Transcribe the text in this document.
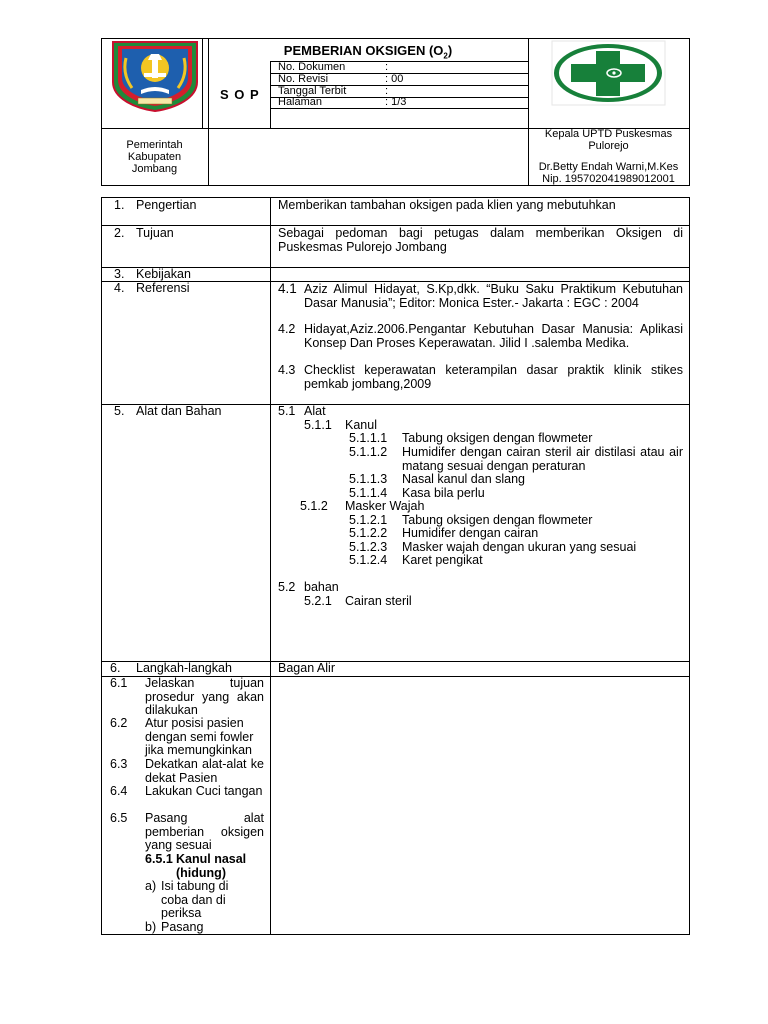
PEMBERIAN OKSIGEN $(O_2)$
S O P
No. Dokumen	:
No. Revisi	: 00
Tanggal Terbit	:
Halaman	: 1/3
Pemerintah
Kabupaten
Jombang
Kepala UPTD Puskesmas
Pulorejo
Dr.Betty Endah Warni,M.Kes
Nip. 195702041989012001
1. Pengertian	Memberikan tambahan oksigen pada klien yang mebutuhkan
2. Tujuan	Sebagai pedoman bagi petugas dalam memberikan Oksigen di Puskesmas Pulorejo Jombang
3. Kebijakan
4. Referensi	4.1 Aziz Alimul Hidayat, S.Kp,dkk. “Buku Saku Praktikum Kebutuhan Dasar Manusia”; Editor: Monica Ester.- Jakarta : EGC : 2004
4.2 Hidayat,Aziz.2006.Pengantar Kebutuhan Dasar Manusia: Aplikasi Konsep Dan Proses Keperawatan. Jilid I .salemba Medika.
4.3 Checklist keperawatan keterampilan dasar praktik klinik stikes pemkab jombang,2009
5. Alat dan Bahan	5.1 Alat
5.1.1 Kanul
5.1.1.1 Tabung oksigen dengan flowmeter
5.1.1.2 Humidifer dengan cairan steril air distilasi atau air matang sesuai dengan peraturan
5.1.1.3 Nasal kanul dan slang
5.1.1.4 Kasa bila perlu
5.1.2 Masker Wajah
5.1.2.1 Tabung oksigen dengan flowmeter
5.1.2.2 Humidifer dengan cairan
5.1.2.3 Masker wajah dengan ukuran yang sesuai
5.1.2.4 Karet pengikat
5.2 bahan
5.2.1 Cairan steril
6. Langkah-langkah	Bagan Alir
6.1	Jelaskan tujuan prosedur yang akan dilakukan
6.2	Atur posisi pasien dengan semi fowler jika memungkinkan
6.3	Dekatkan alat-alat ke dekat Pasien
6.4	Lakukan Cuci tangan
6.5	Pasang alat pemberian oksigen yang sesuai
6.5.1 Kanul nasal (hidung)
a) Isi tabung di coba dan di periksa
b) Pasang
